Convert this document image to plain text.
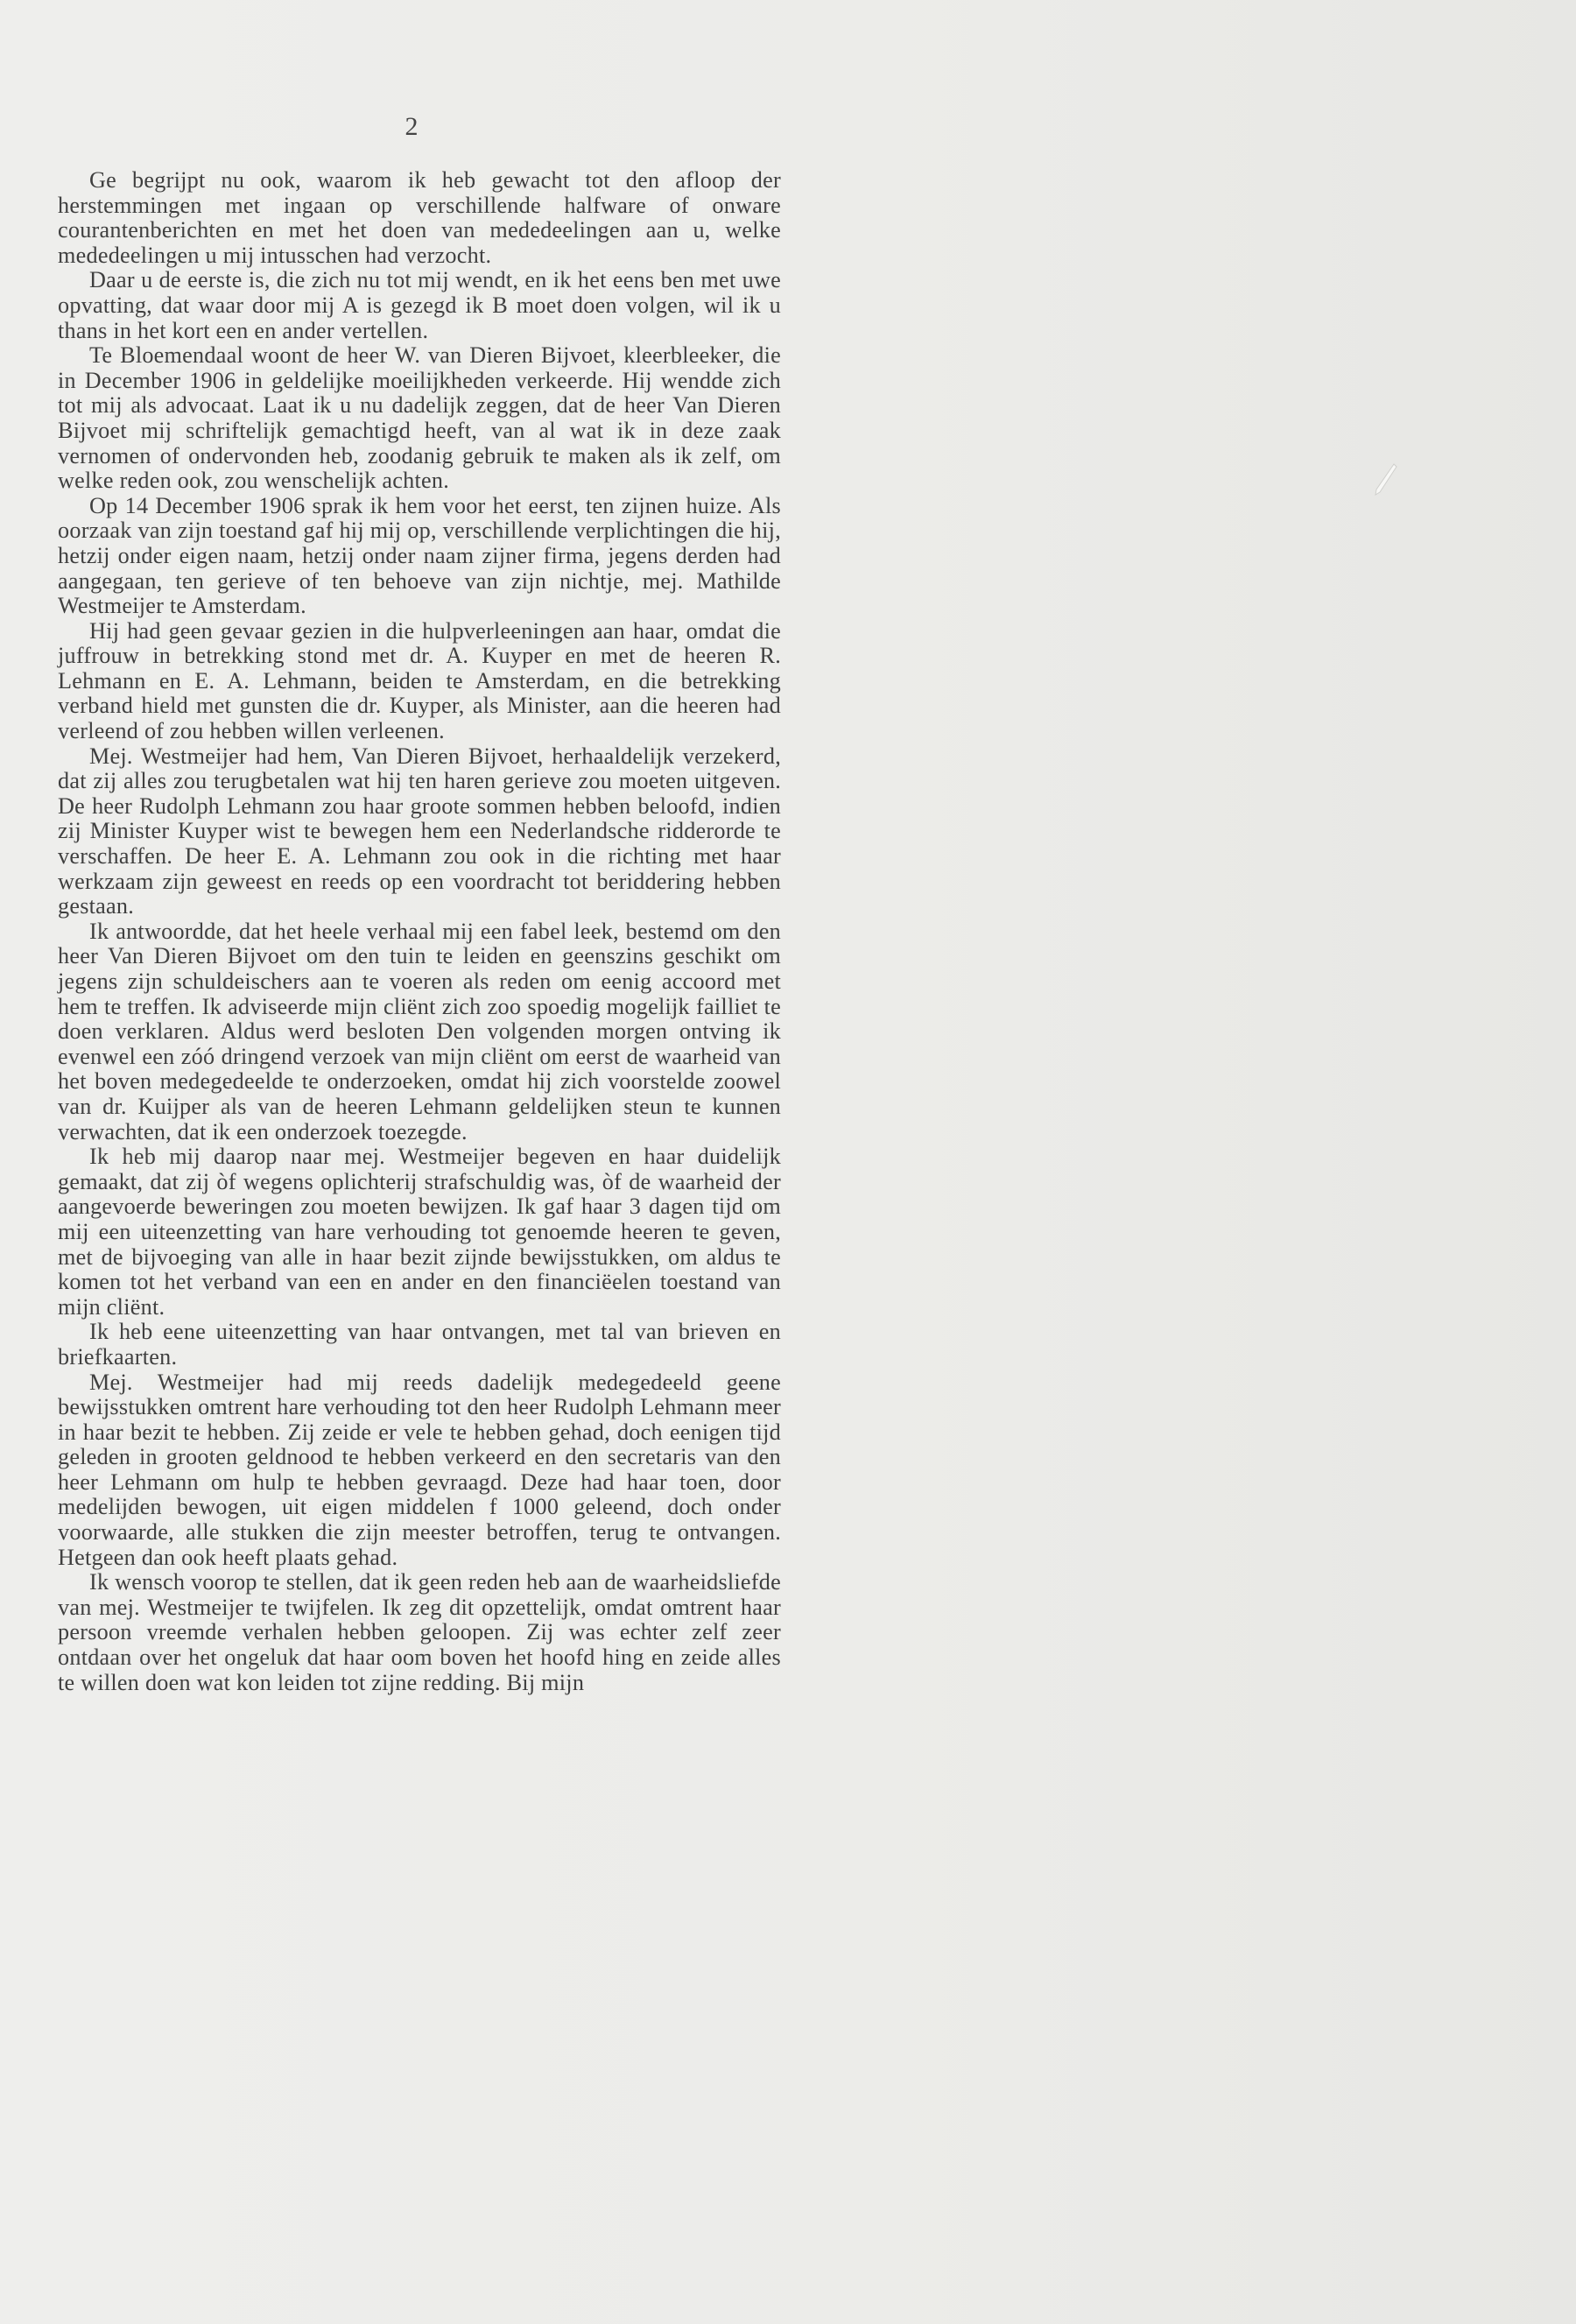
2

Ge begrijpt nu ook, waarom ik heb gewacht tot den afloop der herstemmingen met ingaan op verschillende halfware of onware courantenberichten en met het doen van mededeelingen aan u, welke mededeelingen u mij intusschen had verzocht.

Daar u de eerste is, die zich nu tot mij wendt, en ik het eens ben met uwe opvatting, dat waar door mij A is gezegd ik B moet doen volgen, wil ik u thans in het kort een en ander vertellen.

Te Bloemendaal woont de heer W. van Dieren Bijvoet, kleerbleeker, die in December 1906 in geldelijke moeilijkheden verkeerde. Hij wendde zich tot mij als advocaat. Laat ik u nu dadelijk zeggen, dat de heer Van Dieren Bijvoet mij schriftelijk gemachtigd heeft, van al wat ik in deze zaak vernomen of ondervonden heb, zoodanig gebruik te maken als ik zelf, om welke reden ook, zou wenschelijk achten.

Op 14 December 1906 sprak ik hem voor het eerst, ten zijnen huize. Als oorzaak van zijn toestand gaf hij mij op, verschillende verplichtingen die hij, hetzij onder eigen naam, hetzij onder naam zijner firma, jegens derden had aangegaan, ten gerieve of ten behoeve van zijn nichtje, mej. Mathilde Westmeijer te Amsterdam.

Hij had geen gevaar gezien in die hulpverleeningen aan haar, omdat die juffrouw in betrekking stond met dr. A. Kuyper en met de heeren R. Lehmann en E. A. Lehmann, beiden te Amsterdam, en die betrekking verband hield met gunsten die dr. Kuyper, als Minister, aan die heeren had verleend of zou hebben willen verleenen.

Mej. Westmeijer had hem, Van Dieren Bijvoet, herhaaldelijk verzekerd, dat zij alles zou terugbetalen wat hij ten haren gerieve zou moeten uitgeven. De heer Rudolph Lehmann zou haar groote sommen hebben beloofd, indien zij Minister Kuyper wist te bewegen hem een Nederlandsche ridderorde te verschaffen. De heer E. A. Lehmann zou ook in die richting met haar werkzaam zijn geweest en reeds op een voordracht tot beriddering hebben gestaan.

Ik antwoordde, dat het heele verhaal mij een fabel leek, bestemd om den heer Van Dieren Bijvoet om den tuin te leiden en geenszins geschikt om jegens zijn schuldeischers aan te voeren als reden om eenig accoord met hem te treffen. Ik adviseerde mijn cliënt zich zoo spoedig mogelijk failliet te doen verklaren. Aldus werd besloten Den volgenden morgen ontving ik evenwel een zóó dringend verzoek van mijn cliënt om eerst de waarheid van het boven medegedeelde te onderzoeken, omdat hij zich voorstelde zoowel van dr. Kuijper als van de heeren Lehmann geldelijken steun te kunnen verwachten, dat ik een onderzoek toezegde.

Ik heb mij daarop naar mej. Westmeijer begeven en haar duidelijk gemaakt, dat zij òf wegens oplichterij strafschuldig was, òf de waarheid der aangevoerde beweringen zou moeten bewijzen. Ik gaf haar 3 dagen tijd om mij een uiteenzetting van hare verhouding tot genoemde heeren te geven, met de bijvoeging van alle in haar bezit zijnde bewijsstukken, om aldus te komen tot het verband van een en ander en den financiëelen toestand van mijn cliënt.

Ik heb eene uiteenzetting van haar ontvangen, met tal van brieven en briefkaarten.

Mej. Westmeijer had mij reeds dadelijk medegedeeld geene bewijsstukken omtrent hare verhouding tot den heer Rudolph Lehmann meer in haar bezit te hebben. Zij zeide er vele te hebben gehad, doch eenigen tijd geleden in grooten geldnood te hebben verkeerd en den secretaris van den heer Lehmann om hulp te hebben gevraagd. Deze had haar toen, door medelijden bewogen, uit eigen middelen f 1000 geleend, doch onder voorwaarde, alle stukken die zijn meester betroffen, terug te ontvangen. Hetgeen dan ook heeft plaats gehad.

Ik wensch voorop te stellen, dat ik geen reden heb aan de waarheidsliefde van mej. Westmeijer te twijfelen. Ik zeg dit opzettelijk, omdat omtrent haar persoon vreemde verhalen hebben geloopen. Zij was echter zelf zeer ontdaan over het ongeluk dat haar oom boven het hoofd hing en zeide alles te willen doen wat kon leiden tot zijne redding. Bij mijn
